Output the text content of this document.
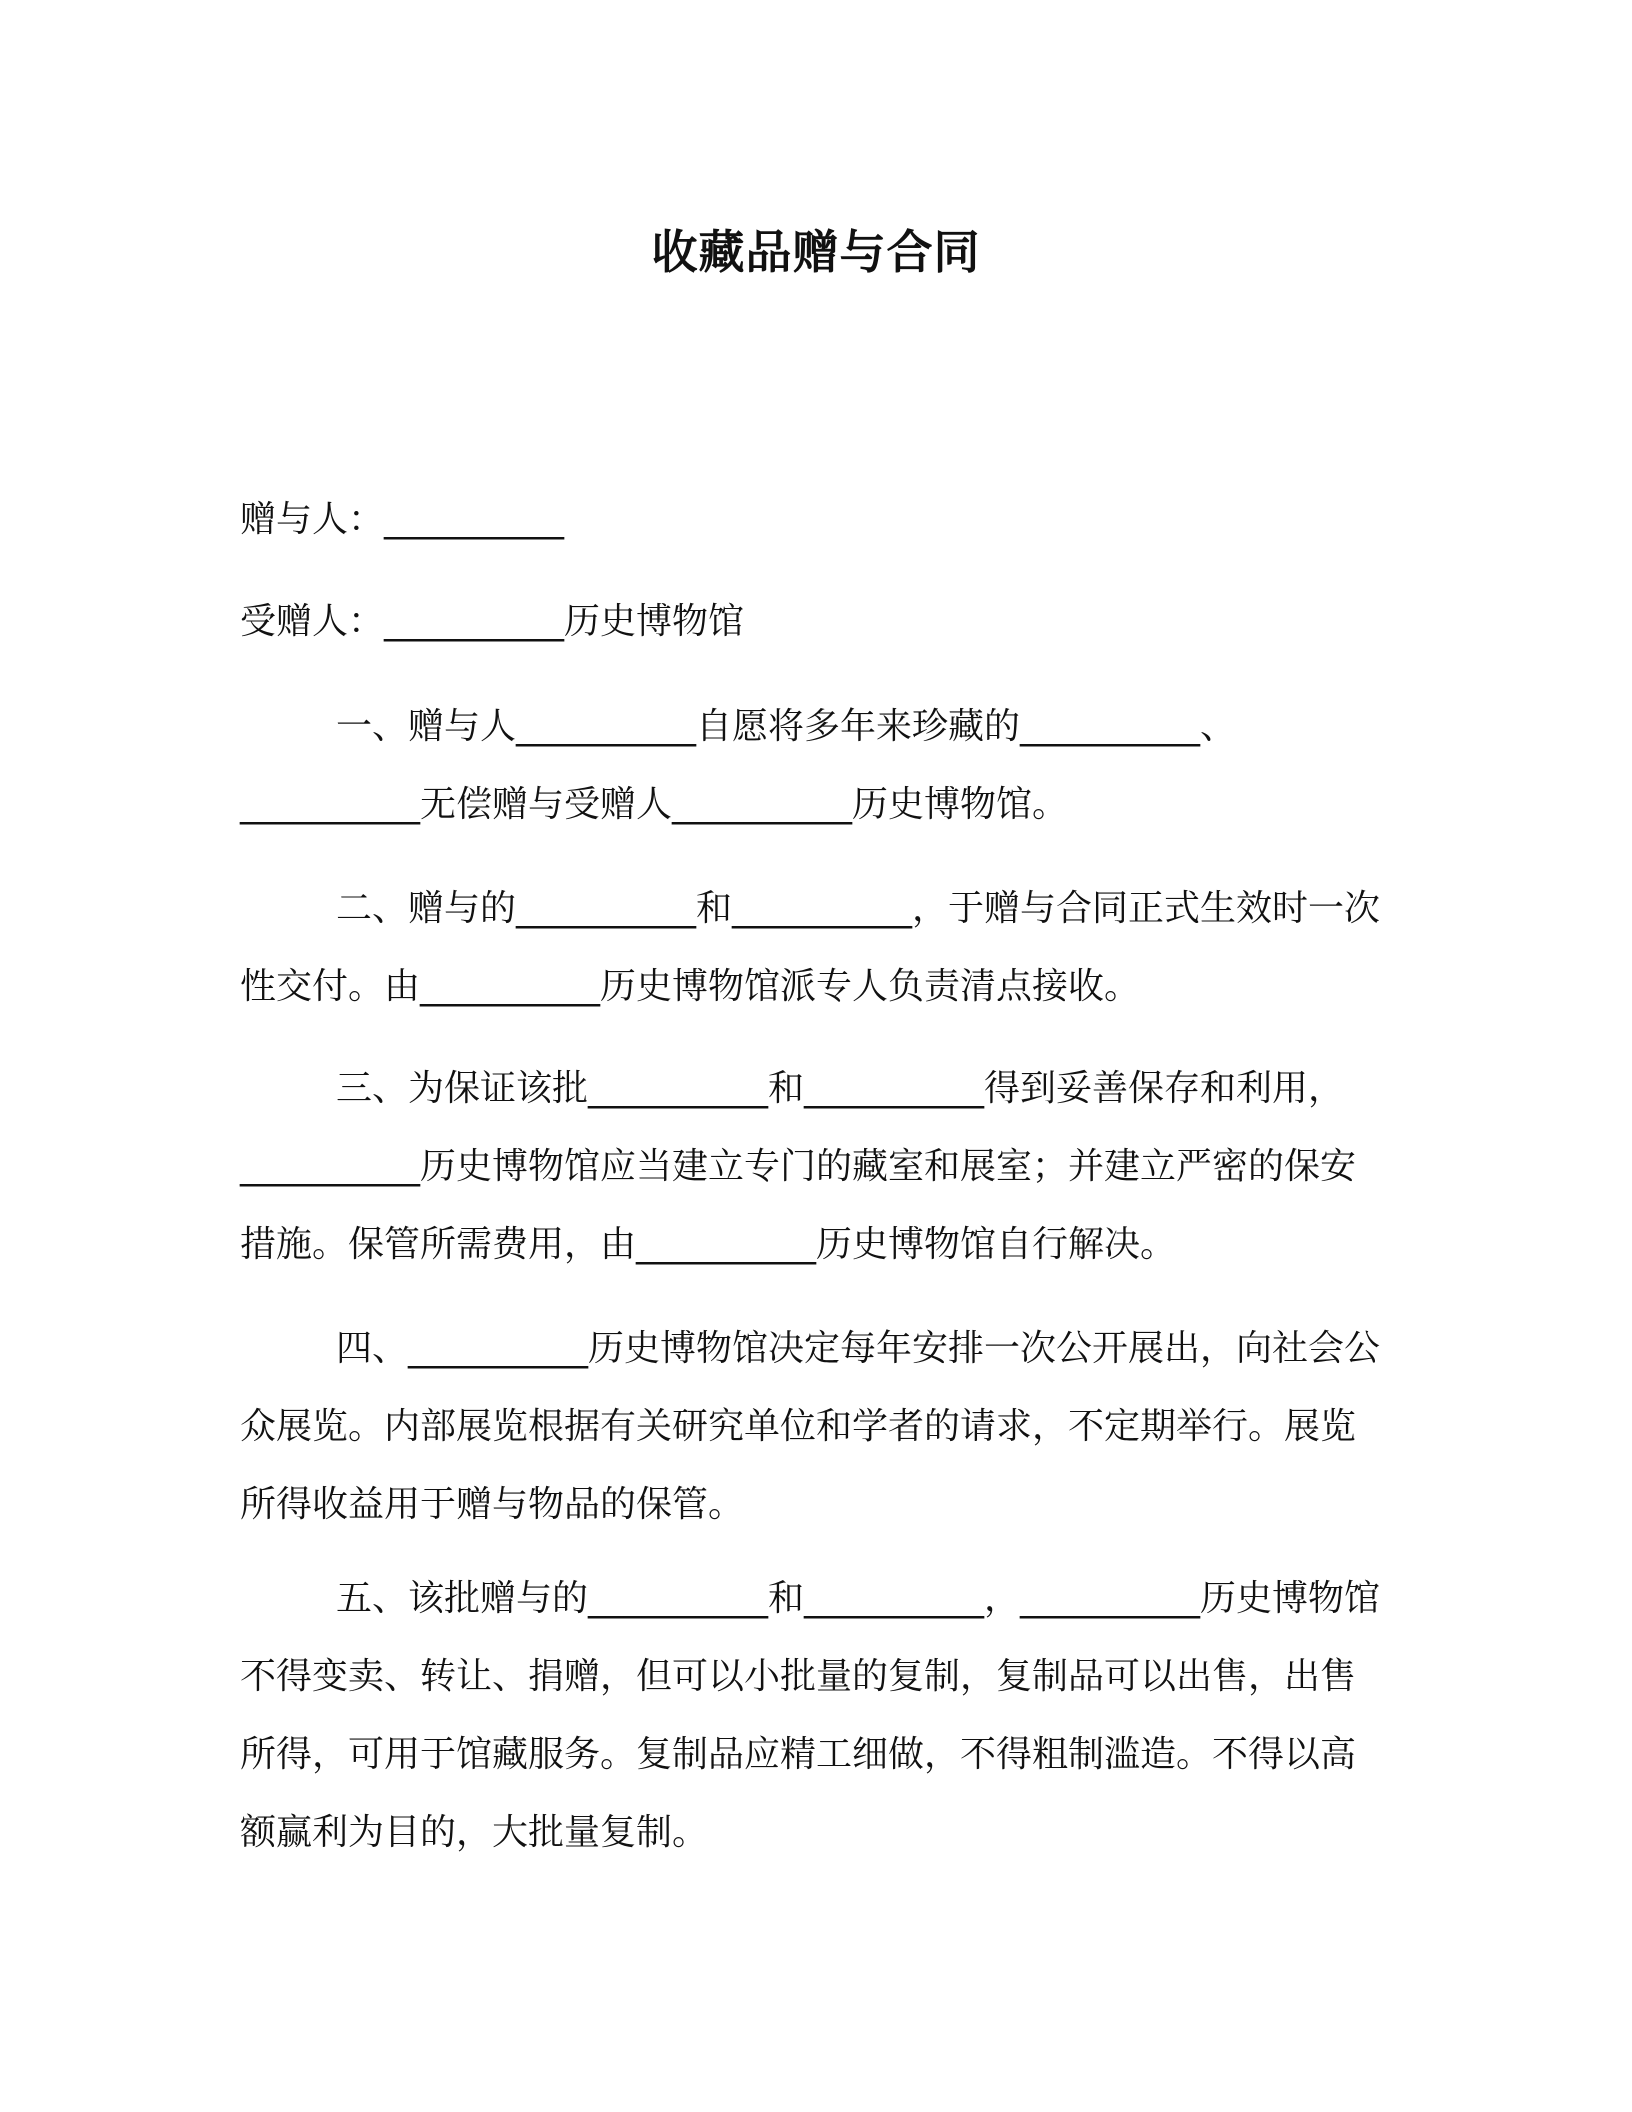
收藏品赠与合同
赠与人：__________
受赠人：__________历史博物馆

一、赠与人__________自愿将多年来珍藏的__________、__________无偿赠与受赠人__________历史博物馆。

二、赠与的__________和__________，于赠与合同正式生效时一次性交付。由__________历史博物馆派专人负责清点接收。

三、为保证该批__________和__________得到妥善保存和利用，__________历史博物馆应当建立专门的藏室和展室；并建立严密的保安措施。保管所需费用，由__________历史博物馆自行解决。

四、__________历史博物馆决定每年安排一次公开展出，向社会公众展览。内部展览根据有关研究单位和学者的请求，不定期举行。展览所得收益用于赠与物品的保管。

五、该批赠与的__________和__________，__________历史博物馆不得变卖、转让、捐赠，但可以小批量的复制，复制品可以出售，出售所得，可用于馆藏服务。复制品应精工细做，不得粗制滥造。不得以高额赢利为目的，大批量复制。
